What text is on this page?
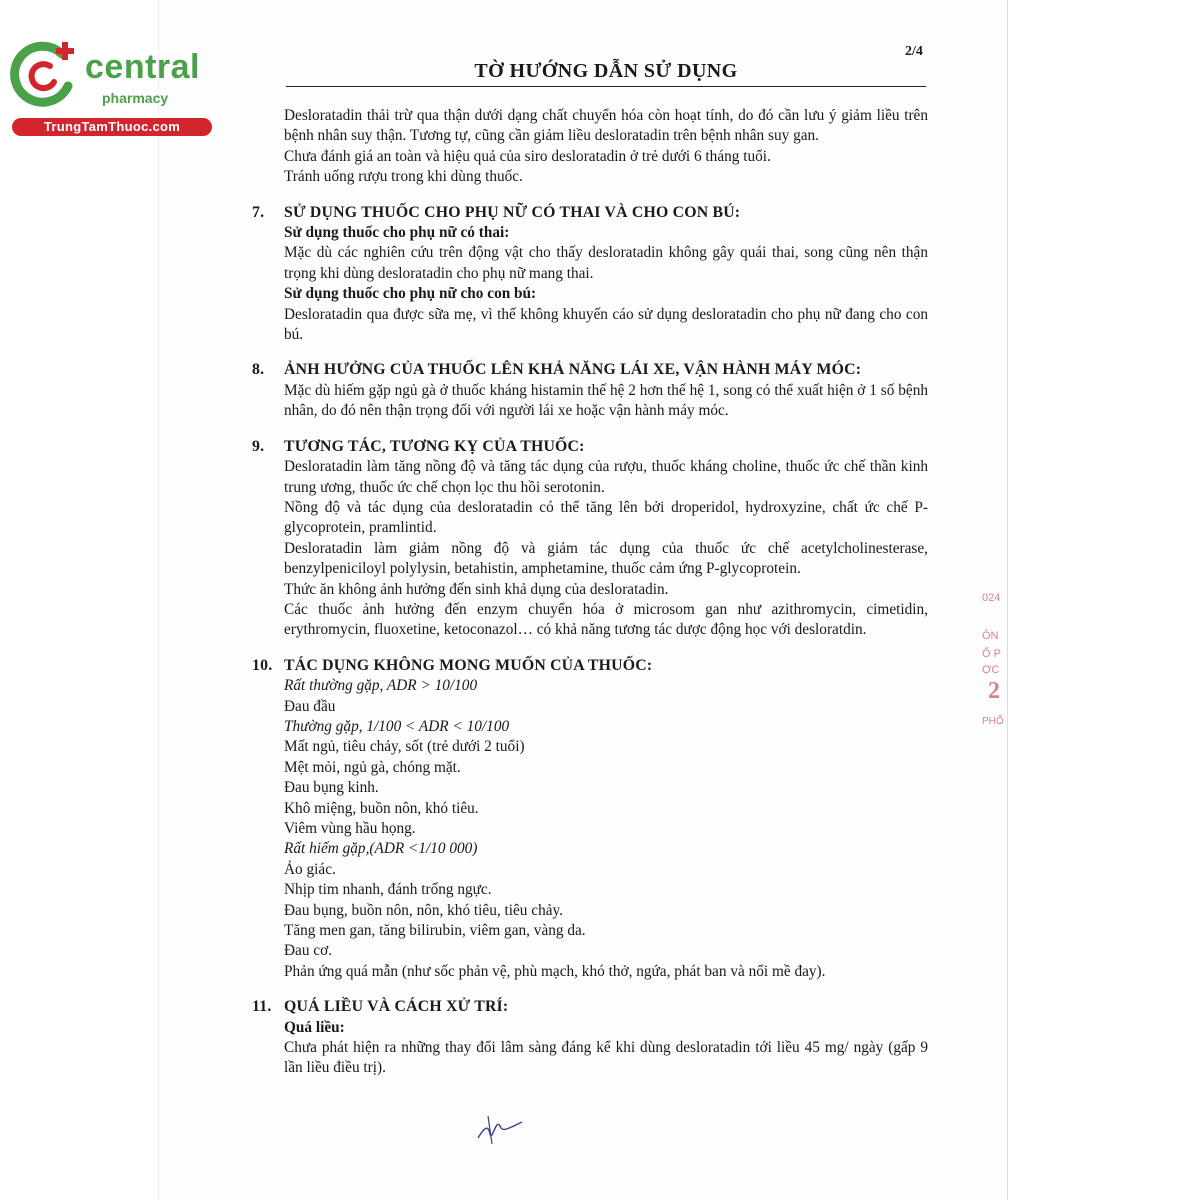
central
pharmacy
TrungTamThuoc.com
2/4
TỜ HƯỚNG DẪN SỬ DỤNG
Desloratadin thải trừ qua thận dưới dạng chất chuyển hóa còn hoạt tính, do đó cần lưu ý giảm liều trên bệnh nhân suy thận. Tương tự, cũng cần giảm liều desloratadin trên bệnh nhân suy gan.
Chưa đánh giá an toàn và hiệu quả của siro desloratadin ở trẻ dưới 6 tháng tuổi.
Tránh uống rượu trong khi dùng thuốc.
7.	SỬ DỤNG THUỐC CHO PHỤ NỮ CÓ THAI VÀ CHO CON BÚ:
Sử dụng thuốc cho phụ nữ có thai:
Mặc dù các nghiên cứu trên động vật cho thấy desloratadin không gây quái thai, song cũng nên thận trọng khi dùng desloratadin cho phụ nữ mang thai.
Sử dụng thuốc cho phụ nữ cho con bú:
Desloratadin qua được sữa mẹ, vì thế không khuyến cáo sử dụng desloratadin cho phụ nữ đang cho con bú.
8.	ẢNH HƯỞNG CỦA THUỐC LÊN KHẢ NĂNG LÁI XE, VẬN HÀNH MÁY MÓC:
Mặc dù hiếm gặp ngủ gà ở thuốc kháng histamin thế hệ 2 hơn thế hệ 1, song có thể xuất hiện ở 1 số bệnh nhân, do đó nên thận trọng đối với người lái xe hoặc vận hành máy móc.
9.	TƯƠNG TÁC, TƯƠNG KỴ CỦA THUỐC:
Desloratadin làm tăng nồng độ và tăng tác dụng của rượu, thuốc kháng choline, thuốc ức chế thần kinh trung ương, thuốc ức chế chọn lọc thu hồi serotonin.
Nồng độ và tác dụng của desloratadin có thể tăng lên bởi droperidol, hydroxyzine, chất ức chế P-glycoprotein, pramlintid.
Desloratadin làm giảm nồng độ và giảm tác dụng của thuốc ức chế acetylcholinesterase, benzylpeniciloyl polylysin, betahistin, amphetamine, thuốc cảm ứng P-glycoprotein.
Thức ăn không ảnh hưởng đến sinh khả dụng của desloratadin.
Các thuốc ảnh hưởng đến enzym chuyển hóa ở microsom gan như azithromycin, cimetidin, erythromycin, fluoxetine, ketoconazol… có khả năng tương tác dược động học với desloratdin.
10. TÁC DỤNG KHÔNG MONG MUỐN CỦA THUỐC:
Rất thường gặp, ADR > 10/100
Đau đầu
Thường gặp, 1/100 < ADR < 10/100
Mất ngủ, tiêu chảy, sốt (trẻ dưới 2 tuổi)
Mệt mỏi, ngủ gà, chóng mặt.
Đau bụng kinh.
Khô miệng, buồn nôn, khó tiêu.
Viêm vùng hầu họng.
Rất hiếm gặp,(ADR <1/10 000)
Ảo giác.
Nhịp tim nhanh, đánh trống ngực.
Đau bụng, buồn nôn, nôn, khó tiêu, tiêu chảy.
Tăng men gan, tăng bilirubin, viêm gan, vàng da.
Đau cơ.
Phản ứng quá mẫn (như sốc phản vệ, phù mạch, khó thở, ngứa, phát ban và nổi mề đay).
11. QUÁ LIỀU VÀ CÁCH XỬ TRÍ:
Quá liều:
Chưa phát hiện ra những thay đổi lâm sàng đáng kể khi dùng desloratadin tới liều 45 mg/ ngày (gấp 9 lần liều điều trị).
024
ÔN
Ố P
ỢC
2
PHỐ
